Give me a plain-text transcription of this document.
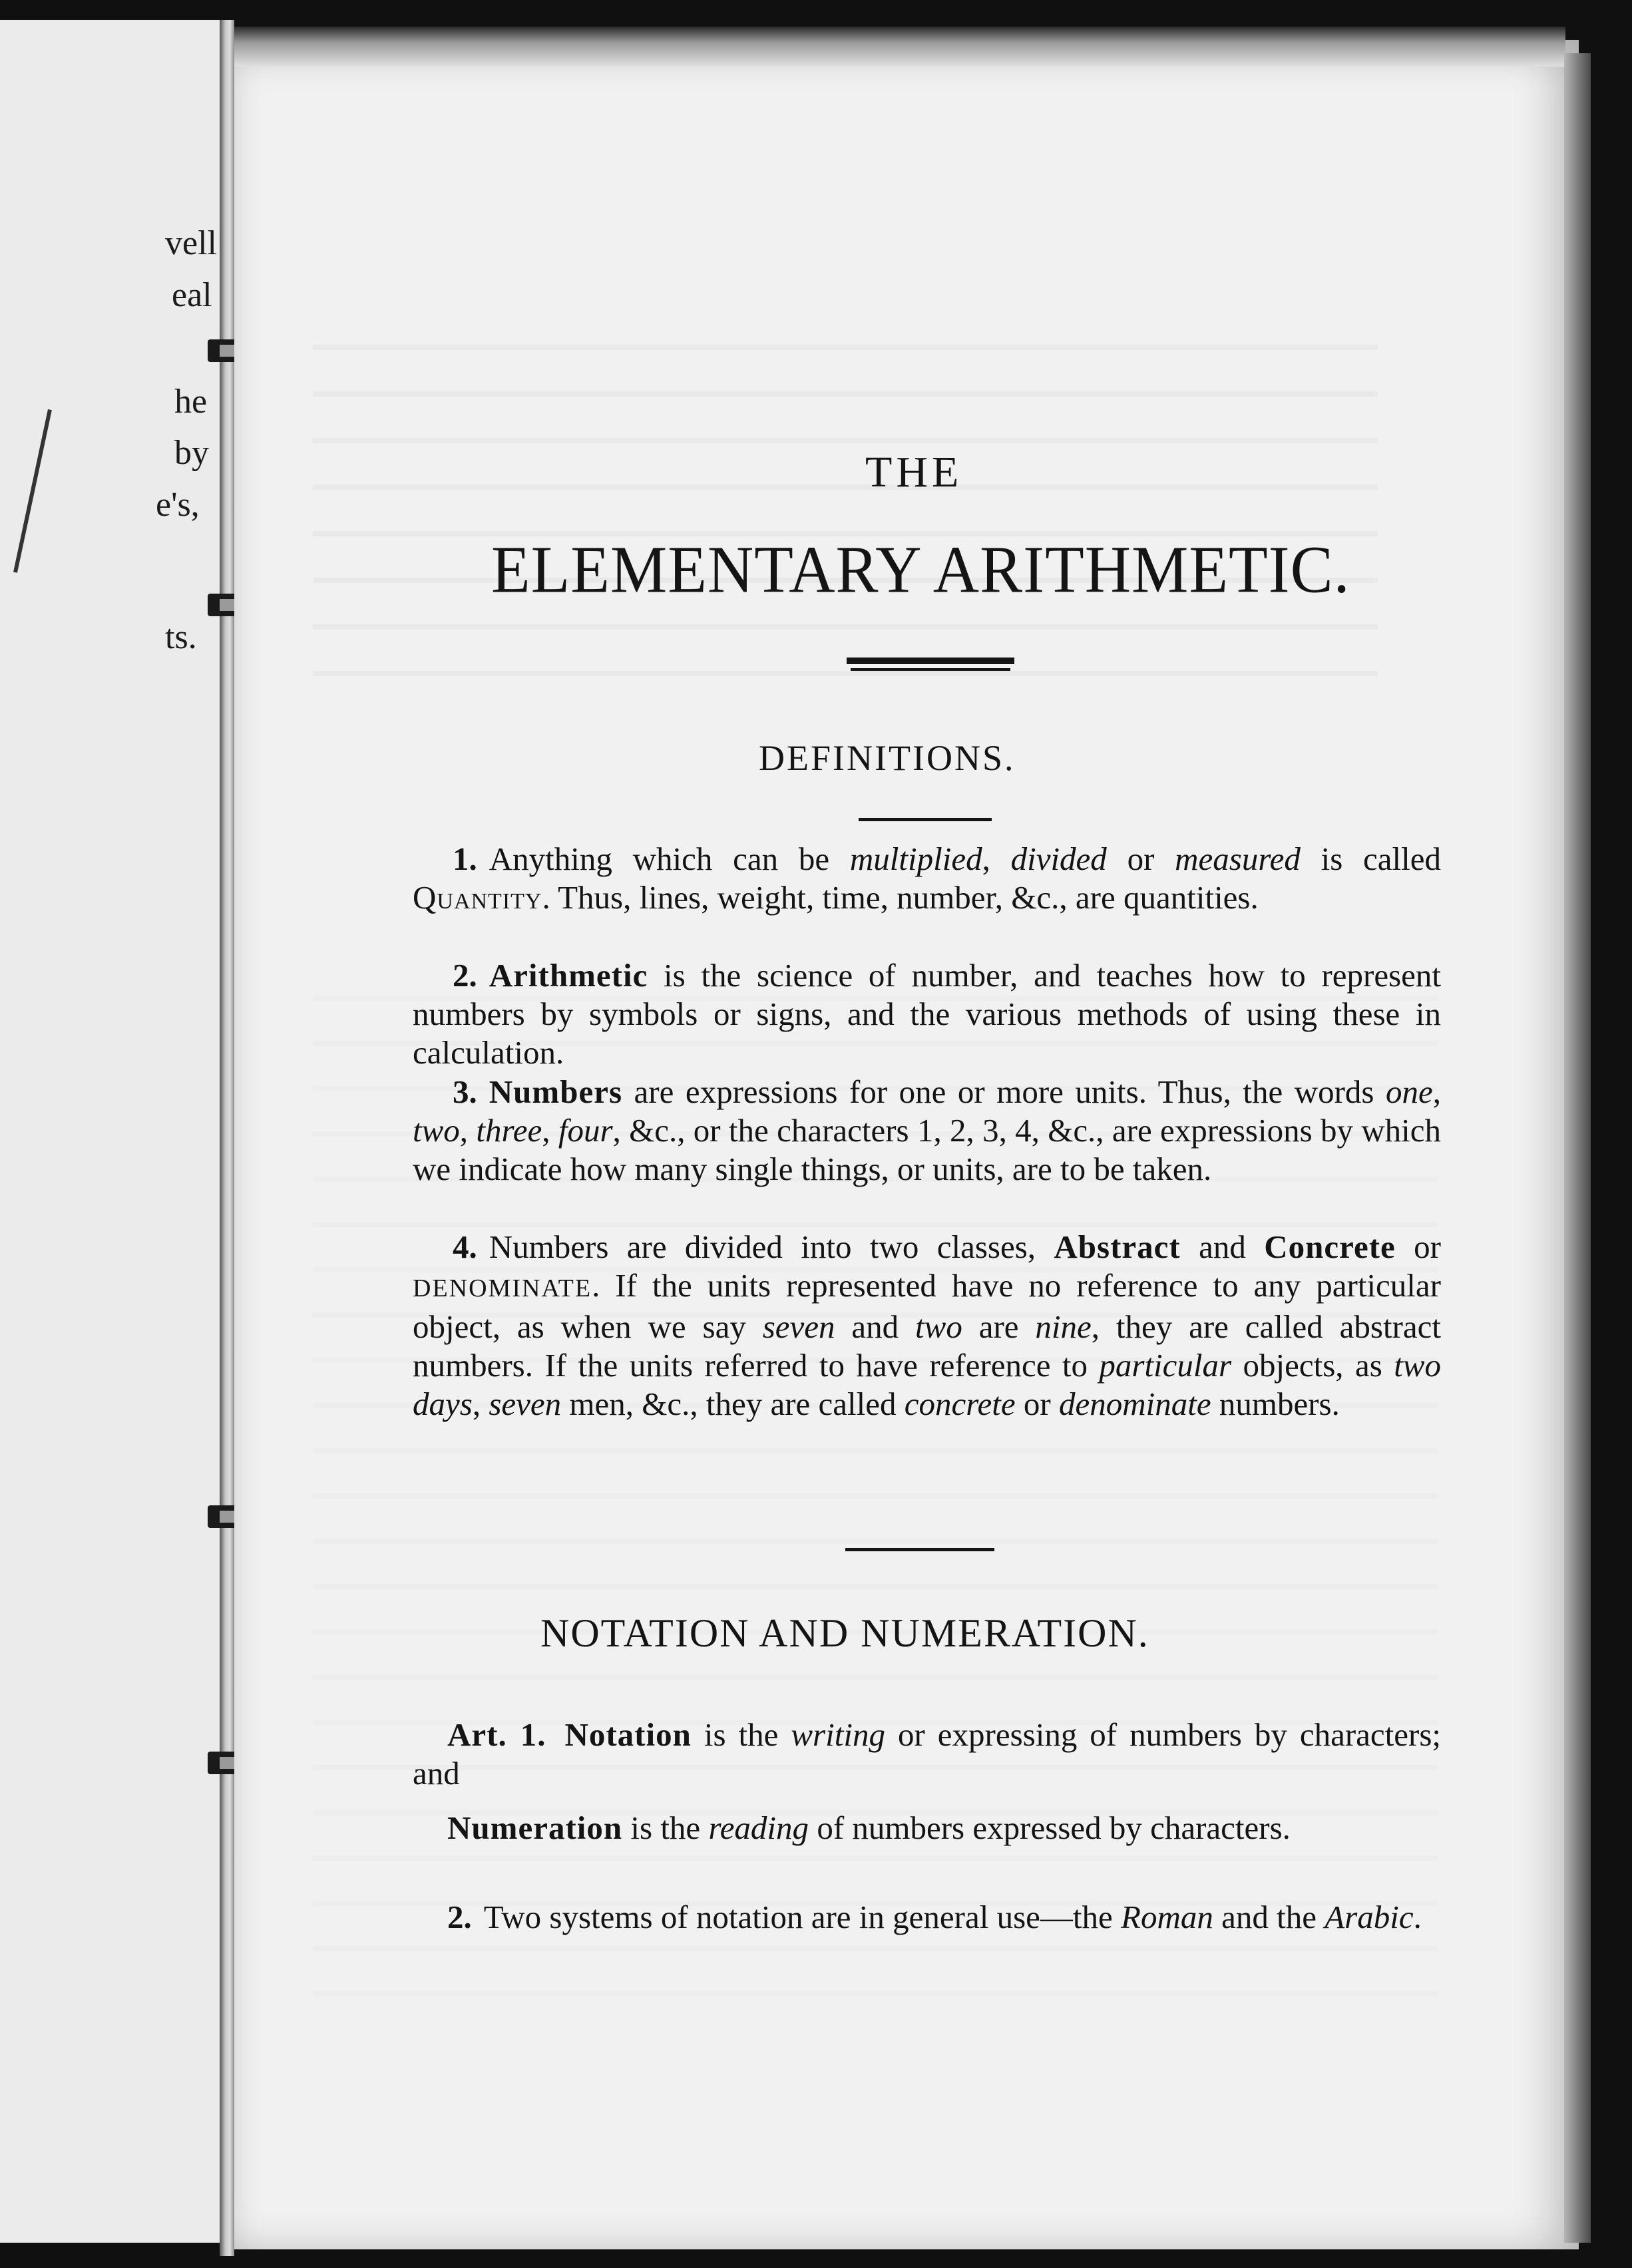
vell
eal
he
by
e's,
ts.
THE
ELEMENTARY ARITHMETIC.
DEFINITIONS.
1. Anything which can be multiplied, divided or measured is called Quantity. Thus, lines, weight, time, number, &c., are quantities.
2. Arithmetic is the science of number, and teaches how to represent numbers by symbols or signs, and the various methods of using these in calculation.
3. Numbers are expressions for one or more units. Thus, the words one, two, three, four, &c., or the characters 1, 2, 3, 4, &c., are expressions by which we indicate how many single things, or units, are to be taken.
4. Numbers are divided into two classes, Abstract and Concrete or DENOMINATE. If the units represented have no reference to any particular object, as when we say seven and two are nine, they are called abstract numbers. If the units referred to have reference to particular objects, as two days, seven men, &c., they are called concrete or denominate numbers.
NOTATION AND NUMERATION.
Art. 1. Notation is the writing or expressing of numbers by characters; and
Numeration is the reading of numbers expressed by characters.
2. Two systems of notation are in general use—the Roman and the Arabic.
